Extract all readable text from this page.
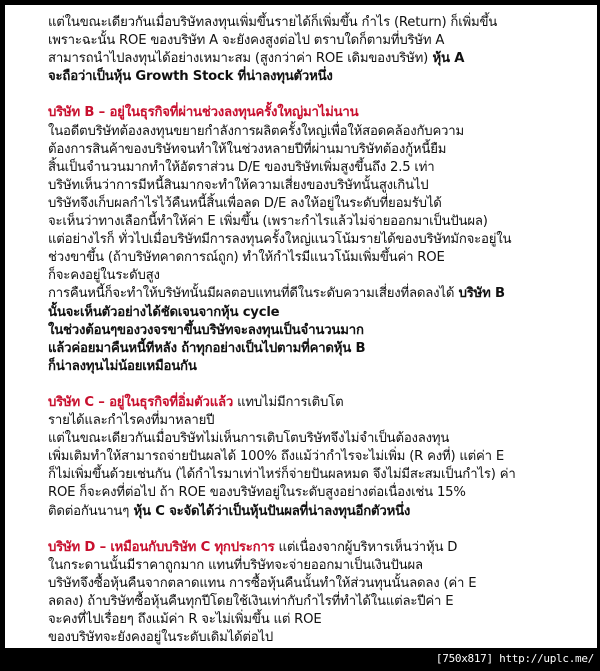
แต่ในขณะเดียวกันเมื่อบริษัทลงทุนเพิ่มขึ้นรายได้ก็เพิ่มขึ้น กำไร (Return) ก็เพิ่มขึ้น
เพราะฉะนั้น ROE ของบริษัท A จะยังคงสูงต่อไป ตราบใดก็ตามที่บริษัท A
สามารถนำไปลงทุนได้อย่างเหมาะสม (สูงกว่าค่า ROE เดิมของบริษัท) หุ้น A
จะถือว่าเป็นหุ้น Growth Stock ที่น่าลงทุนตัวหนึ่ง
บริษัท B – อยู่ในธุรกิจที่ผ่านช่วงลงทุนครั้งใหญ่มาไม่นาน
ในอดีตบริษัทต้องลงทุนขยายกำลังการผลิตครั้งใหญ่เพื่อให้สอดคล้องกับความ
ต้องการสินค้าของบริษัทจนทำให้ในช่วงหลายปีที่ผ่านมาบริษัทต้องกู้หนี้ยืม
สิ้นเป็นจำนวนมากทำให้อัตราส่วน D/E ของบริษัทเพิ่มสูงขึ้นถึง 2.5 เท่า
บริษัทเห็นว่าการมีหนี้สินมากจะทำให้ความเสี่ยงของบริษัทนั้นสูงเกินไป
บริษัทจึงเก็บผลกำไรไว้คืนหนี้สิ้นเพื่อลด D/E ลงให้อยู่ในระดับที่ยอมรับได้
จะเห็นว่าทางเลือกนี้ทำให้ค่า E เพิ่มขึ้น (เพราะกำไรแล้วไม่จ่ายออกมาเป็นปันผล)
แต่อย่างไรก็ ทั่วไปเมื่อบริษัทมีการลงทุนครั้งใหญ่แนวโน้มรายได้ของบริษัทมักจะอยู่ใน
ช่วงขาขึ้น (ถ้าบริษัทคาดการณ์ถูก) ทำให้กำไรมีแนวโน้มเพิ่มขึ้นค่า ROE
ก็จะคงอยู่ในระดับสูง
การคืนหนี้ก็จะทำให้บริษัทนั้นมีผลตอบแทนที่ดีในระดับความเสี่ยงที่ลดลงได้ บริษัท B
นั้นจะเห็นตัวอย่างได้ชัดเจนจากหุ้น cycle
ในช่วงต้อนๆของวงจรขาขึ้นบริษัทจะลงทุนเป็นจำนวนมาก
แล้วค่อยมาคืนหนี้ทีหลัง ถ้าทุกอย่างเป็นไปตามที่คาดหุ้น B
ก็น่าลงทุนไม่น้อยเหมือนกัน
บริษัท C – อยู่ในธุรกิจที่อิ่มตัวแล้ว แทบไม่มีการเติบโต
รายได้และกำไรคงที่มาหลายปี
แต่ในขณะเดียวกันเมื่อบริษัทไม่เห็นการเติบโตบริษัทจึงไม่จำเป็นต้องลงทุน
เพิ่มเติมทำให้สามารถจ่ายปันผลได้ 100% ถึงแม้ว่ากำไรจะไม่เพิ่ม (R คงที่) แต่ค่า E
ก็ไม่เพิ่มขึ้นด้วยเช่นกัน (ได้กำไรมาเท่าไหร่ก็จ่ายปันผลหมด จึงไม่มีสะสมเป็นกำไร) ค่า
ROE ก็จะคงที่ต่อไป ถ้า ROE ของบริษัทอยู่ในระดับสูงอย่างต่อเนื่องเช่น 15%
ติดต่อกันนานๆ หุ้น C จะจัดได้ว่าเป็นหุ้นปันผลที่น่าลงทุนอีกตัวหนึ่ง
บริษัท D – เหมือนกับบริษัท C ทุกประการ แต่เนื่องจากผู้บริหารเห็นว่าหุ้น D
ในกระดานนั้นมีราคาถูกมาก แทนที่บริษัทจะจ่ายออกมาเป็นเงินปันผล
บริษัทจึงซื้อหุ้นคืนจากตลาดแทน การซื้อหุ้นคืนนั้นทำให้ส่วนทุนนั้นลดลง (ค่า E
ลดลง) ถ้าบริษัทซื้อหุ้นคืนทุกปีโดยใช้เงินเท่ากับกำไรที่ทำได้ในแต่ละปีค่า E
จะคงที่ไปเรื่อยๆ ถึงแม้ค่า R จะไม่เพิ่มขึ้น แต่ ROE
ของบริษัทจะยังคงอยู่ในระดับเดิมได้ต่อไป
[750x817] http://uplc.me/
